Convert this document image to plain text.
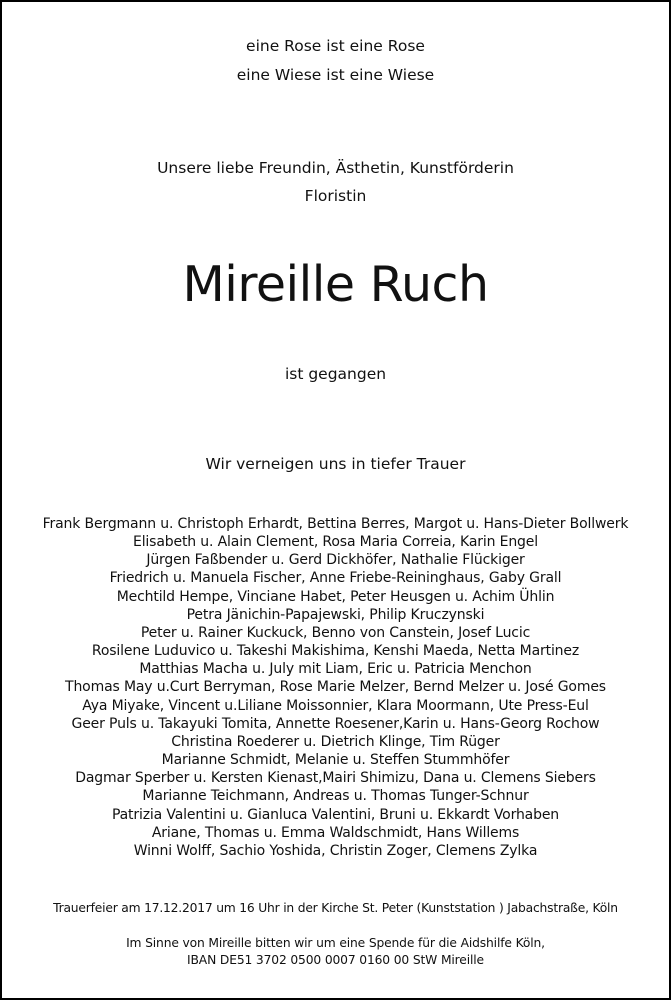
eine Rose ist eine Rose
eine Wiese ist eine Wiese
Unsere liebe Freundin, Ästhetin, Kunstförderin
Floristin
Mireille Ruch
ist gegangen
Wir verneigen uns in tiefer Trauer
Frank Bergmann u. Christoph Erhardt, Bettina Berres, Margot u. Hans-Dieter Bollwerk
Elisabeth u. Alain Clement, Rosa Maria Correia, Karin Engel
Jürgen Faßbender u. Gerd Dickhöfer, Nathalie Flückiger
Friedrich u. Manuela Fischer, Anne Friebe-Reininghaus, Gaby Grall
Mechtild Hempe, Vinciane Habet, Peter Heusgen u. Achim Ühlin
Petra Jänichin-Papajewski, Philip Kruczynski
Peter u. Rainer Kuckuck, Benno von Canstein, Josef Lucic
Rosilene Luduvico u. Takeshi Makishima, Kenshi Maeda, Netta Martinez
Matthias Macha u. July mit Liam, Eric u. Patricia Menchon
Thomas May u.Curt Berryman, Rose Marie Melzer, Bernd Melzer u. José Gomes
Aya Miyake, Vincent u.Liliane Moissonnier, Klara Moormann, Ute Press-Eul
Geer Puls u. Takayuki Tomita, Annette Roesener,Karin u. Hans-Georg Rochow
Christina Roederer u. Dietrich Klinge, Tim Rüger
Marianne Schmidt, Melanie u. Steffen Stummhöfer
Dagmar Sperber u. Kersten Kienast,Mairi Shimizu, Dana u. Clemens Siebers
Marianne Teichmann, Andreas u. Thomas Tunger-Schnur
Patrizia Valentini u. Gianluca Valentini, Bruni u. Ekkardt Vorhaben
Ariane, Thomas u. Emma Waldschmidt, Hans Willems
Winni Wolff, Sachio Yoshida, Christin Zoger, Clemens Zylka
Trauerfeier am 17.12.2017 um 16 Uhr in der Kirche St. Peter (Kunststation ) Jabachstraße, Köln
Im Sinne von Mireille bitten wir um eine Spende für die Aidshilfe Köln,
IBAN DE51 3702 0500 0007 0160 00 StW Mireille
